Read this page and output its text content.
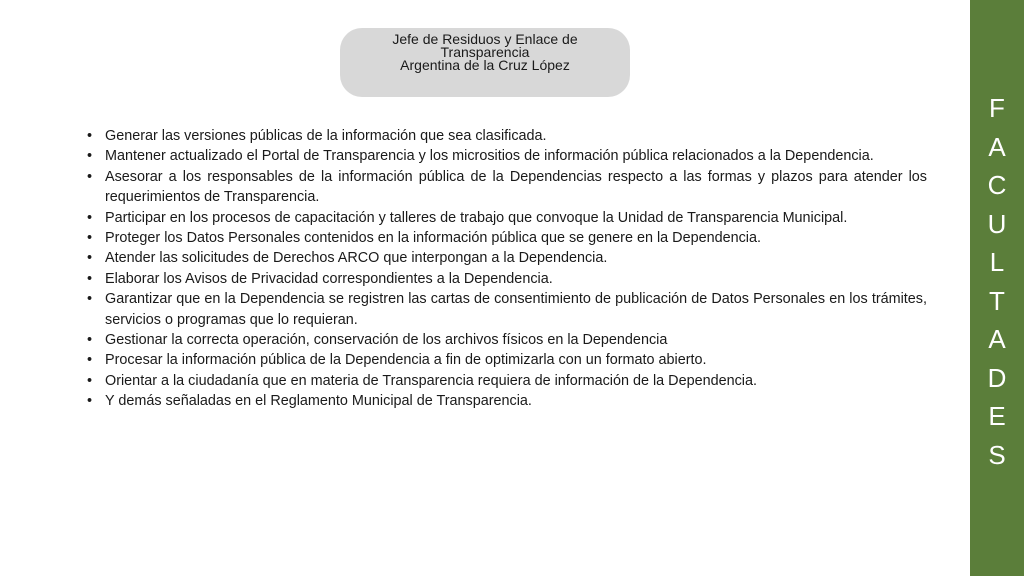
Jefe de Residuos y Enlace de
Transparencia
Argentina de la Cruz López
• Generar las versiones públicas de la información que sea clasificada.
• Mantener actualizado el Portal de Transparencia y los micrositios de información pública relacionados a la Dependencia.
• Asesorar a los responsables de la información pública de la Dependencias respecto a las formas y plazos para atender los requerimientos de Transparencia.
• Participar en los procesos de capacitación y talleres de trabajo que convoque la Unidad de Transparencia Municipal.
• Proteger los Datos Personales contenidos en la información pública que se genere en la Dependencia.
• Atender las solicitudes de Derechos ARCO que interpongan a la Dependencia.
• Elaborar los Avisos de Privacidad correspondientes a la Dependencia.
• Garantizar que en la Dependencia se registren las cartas de consentimiento de publicación de Datos Personales en los trámites, servicios o programas que lo requieran.
• Gestionar la correcta operación, conservación de los archivos físicos en la Dependencia
• Procesar la información pública de la Dependencia a fin de optimizarla con un formato abierto.
• Orientar a la ciudadanía que en materia de Transparencia requiera de información de la Dependencia.
• Y demás señaladas en el Reglamento Municipal de Transparencia.
F
A
C
U
L
T
A
D
E
S
